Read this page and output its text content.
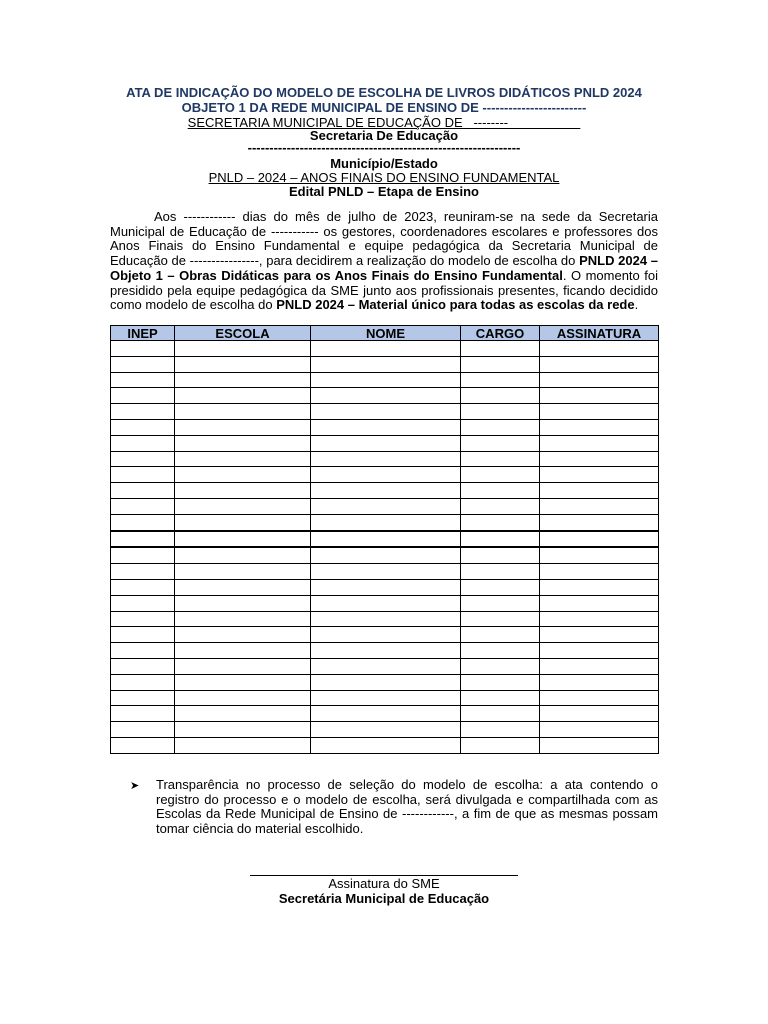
ATA DE INDICAÇÃO DO MODELO DE ESCOLHA DE LIVROS DIDÁTICOS PNLD 2024
OBJETO 1 DA REDE MUNICIPAL DE ENSINO DE ------------------------
SECRETARIA MUNICIPAL DE EDUCAÇÃO DE   --------
Secretaria De Educação
---------------------------------------------------------------
Município/Estado
PNLD – 2024 – ANOS FINAIS DO ENSINO FUNDAMENTAL
Edital PNLD – Etapa de Ensino
Aos ------------ dias do mês de julho de 2023, reuniram-se na sede da Secretaria Municipal de Educação de ----------- os gestores, coordenadores escolares e professores dos Anos Finais do Ensino Fundamental e equipe pedagógica da Secretaria Municipal de Educação de ----------------, para decidirem a realização do modelo de escolha do PNLD 2024 – Objeto 1 – Obras Didáticas para os Anos Finais do Ensino Fundamental. O momento foi presidido pela equipe pedagógica da SME junto aos profissionais presentes, ficando decidido como modelo de escolha do PNLD 2024 – Material único para todas as escolas da rede.
INEP	ESCOLA	NOME	CARGO	ASSINATURA

➤ Transparência no processo de seleção do modelo de escolha: a ata contendo o registro do processo e o modelo de escolha, será divulgada e compartilhada com as Escolas da Rede Municipal de Ensino de ------------, a fim de que as mesmas possam tomar ciência do material escolhido.
Assinatura do SME
Secretária Municipal de Educação
